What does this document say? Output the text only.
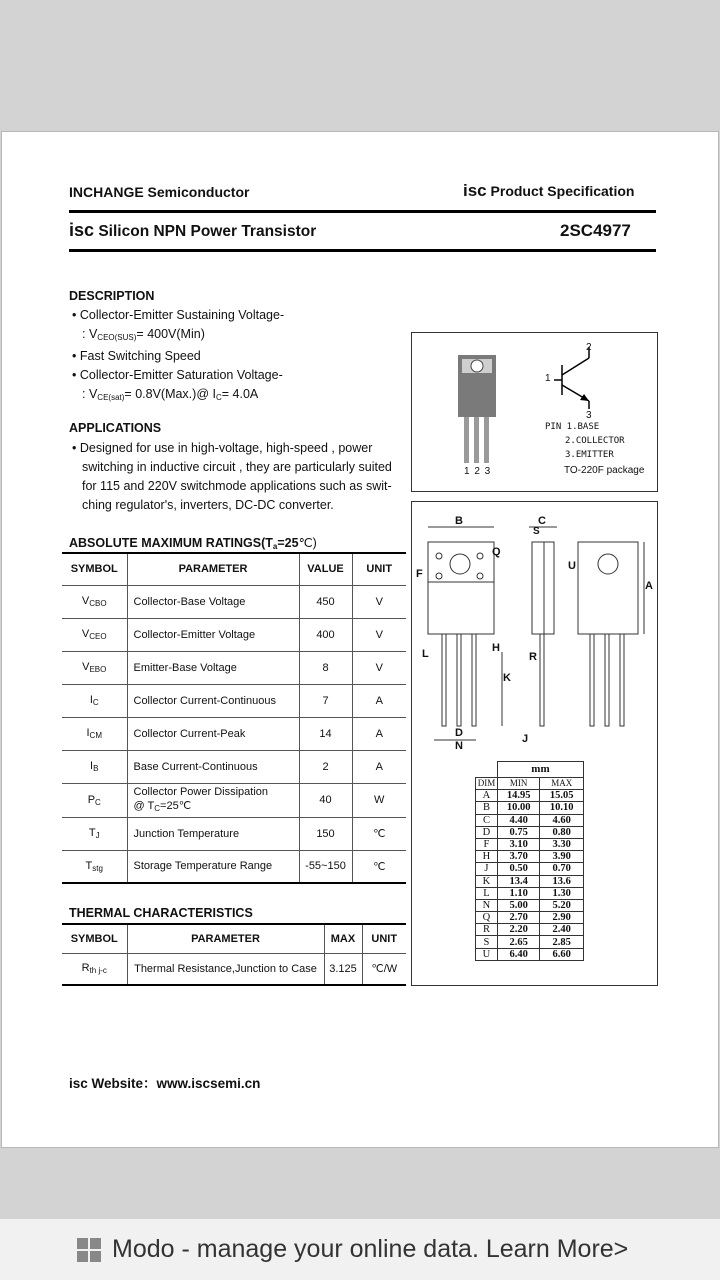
INCHANGE Semiconductor	isc Product Specification
isc Silicon NPN Power Transistor	2SC4977
DESCRIPTION
• Collector-Emitter Sustaining Voltage-
: $V_{CEO(SUS)}= 400V(Min)$
• Fast Switching Speed
• Collector-Emitter Saturation Voltage-
: $V_{CE(sat)}=$ 0.8V(Max.)@ $I_C= 4.0A$
APPLICATIONS
• Designed for use in high-voltage, high-speed , power
switching in inductive circuit , they are particularly suited
for 115 and 220V switchmode applications such as swit-
ching regulator's, inverters, DC-DC converter.
ABSOLUTE MAXIMUM $RATINGS(T_a=25℃)$
SYMBOL	PARAMETER	VALUE	UNIT
$V_{CBO}$	Collector-Base Voltage	450	V
$V_{CEO}$	Collector-Emitter Voltage	400	V
$V_{EBO}$	Emitter-Base Voltage	8	V
$I_C$	Collector Current-Continuous	7	A
$I_{CM}$	Collector Current-Peak	14	A
$I_B$	Base Current-Continuous	2	A
$P_C$	Collector Power Dissipation
@ $T_C=25℃$	40	W
$T_J$	Junction Temperature	150	℃
$T_{stg}$	Storage Temperature Range	-55~150	℃
THERMAL CHARACTERISTICS
SYMBOL	PARAMETER	MAX	UNIT
$R_{th j-c}$	Thermal Resistance,Junction to Case	3.125	℃/W
2
1
3
PIN 1.BASE
2.COLLECTOR
3.EMITTER
TO-220F package
1 2 3
B	C
S
Q
F
U
A
L	H
R
K
D
N
J
	mm	
DIM	MIN	MAX
A	14.95	15.05
B	10.00	10.10
C	4.40	4.60
D	0.75	0.80
F	3.10	3.30
H	3.70	3.90
J	0.50	0.70
K	13.4	13.6
L	1.10	1.30
N	5.00	5.20
Q	2.70	2.90
R	2.20	2.40
S	2.65	2.85
U	6.40	6.60
isc Website：www.iscsemi.cn
Modo - manage your online data. Learn More>
